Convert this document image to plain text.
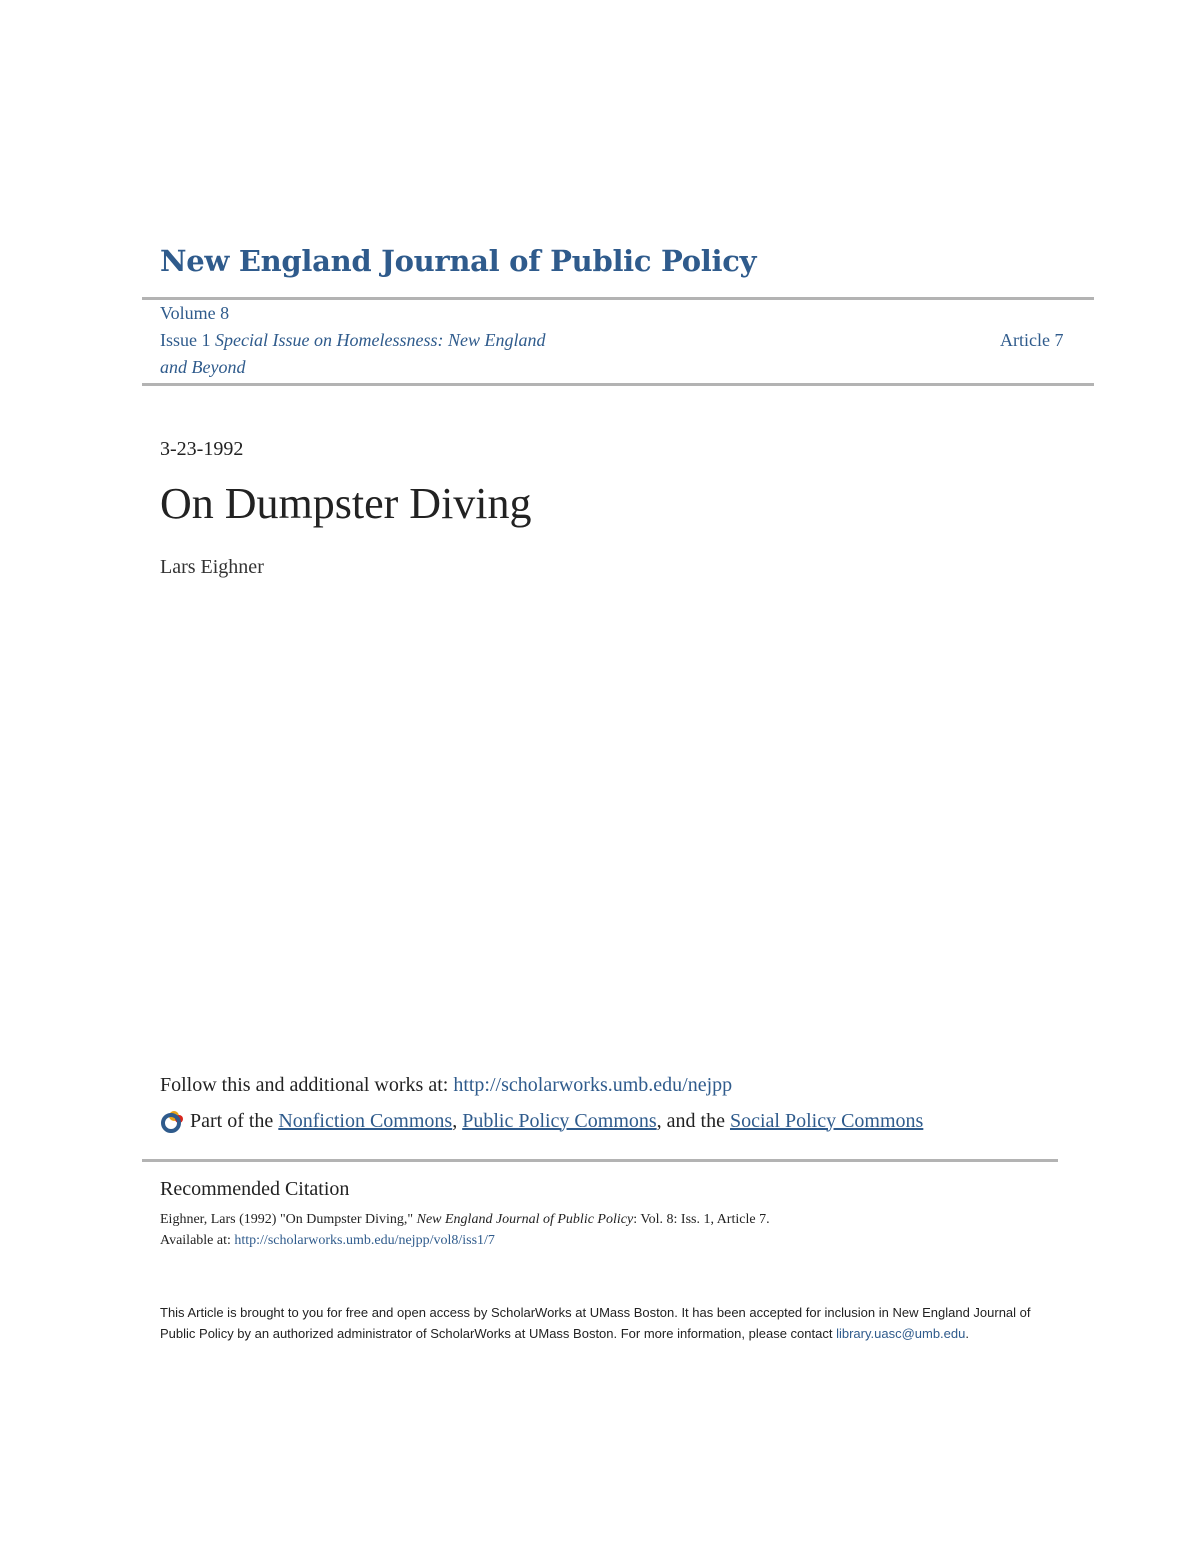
New England Journal of Public Policy
Volume 8
Issue 1 Special Issue on Homelessness: New England
and Beyond
Article 7
3-23-1992
On Dumpster Diving
Lars Eighner
Follow this and additional works at: http://scholarworks.umb.edu/nejpp
Part of the Nonfiction Commons, Public Policy Commons, and the Social Policy Commons
Recommended Citation
Eighner, Lars (1992) "On Dumpster Diving," New England Journal of Public Policy: Vol. 8: Iss. 1, Article 7.
Available at: http://scholarworks.umb.edu/nejpp/vol8/iss1/7
This Article is brought to you for free and open access by ScholarWorks at UMass Boston. It has been accepted for inclusion in New England Journal of Public Policy by an authorized administrator of ScholarWorks at UMass Boston. For more information, please contact library.uasc@umb.edu.
